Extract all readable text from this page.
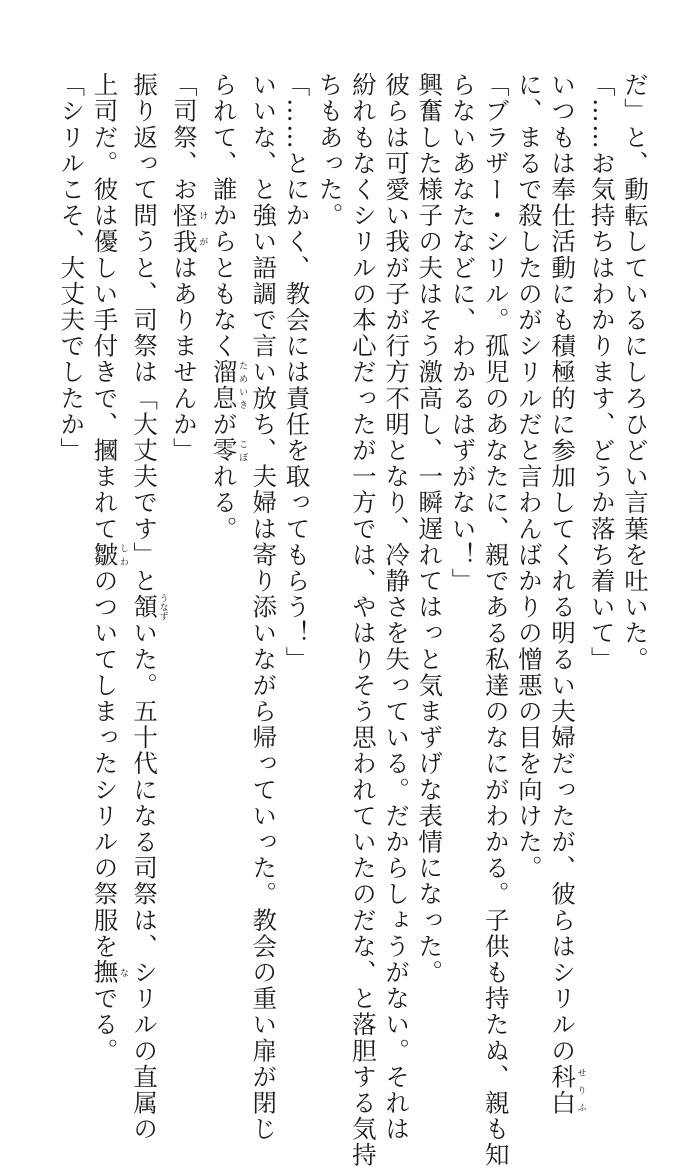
だ」と、動転しているにしろひどい言葉を吐いた。
「……お気持ちはわかります、どうか落ち着いて」
いつもは奉仕活動にも積極的に参加してくれる明るい夫婦だったが、彼らはシリルの科白せりふ
に、まるで殺したのがシリルだと言わんばかりの憎悪の目を向けた。
「ブラザー・シリル。孤児のあなたに、親である私達のなにがわかる。子供も持たぬ、親も知
らないあなたなどに、わかるはずがない！」
興奮した様子の夫はそう激高し、一瞬遅れてはっと気まずげな表情になった。
彼らは可愛い我が子が行方不明となり、冷静さを失っている。だからしょうがない。それは
紛れもなくシリルの本心だったが一方では、やはりそう思われていたのだな、と落胆する気持
ちもあった。
「……とにかく、教会には責任を取ってもらう！」
いいな、と強い語調で言い放ち、夫婦は寄り添いながら帰っていった。教会の重い扉が閉じ
られて、誰からともなく溜息ためいきが零こぼれる。
「司祭、お怪我けがはありませんか」
振り返って問うと、司祭は「大丈夫です」と頷うなずいた。五十代になる司祭は、シリルの直属の
上司だ。彼は優しい手付きで、摑まれて皺しわのついてしまったシリルの祭服を撫なでる。
「シリルこそ、大丈夫でしたか」
